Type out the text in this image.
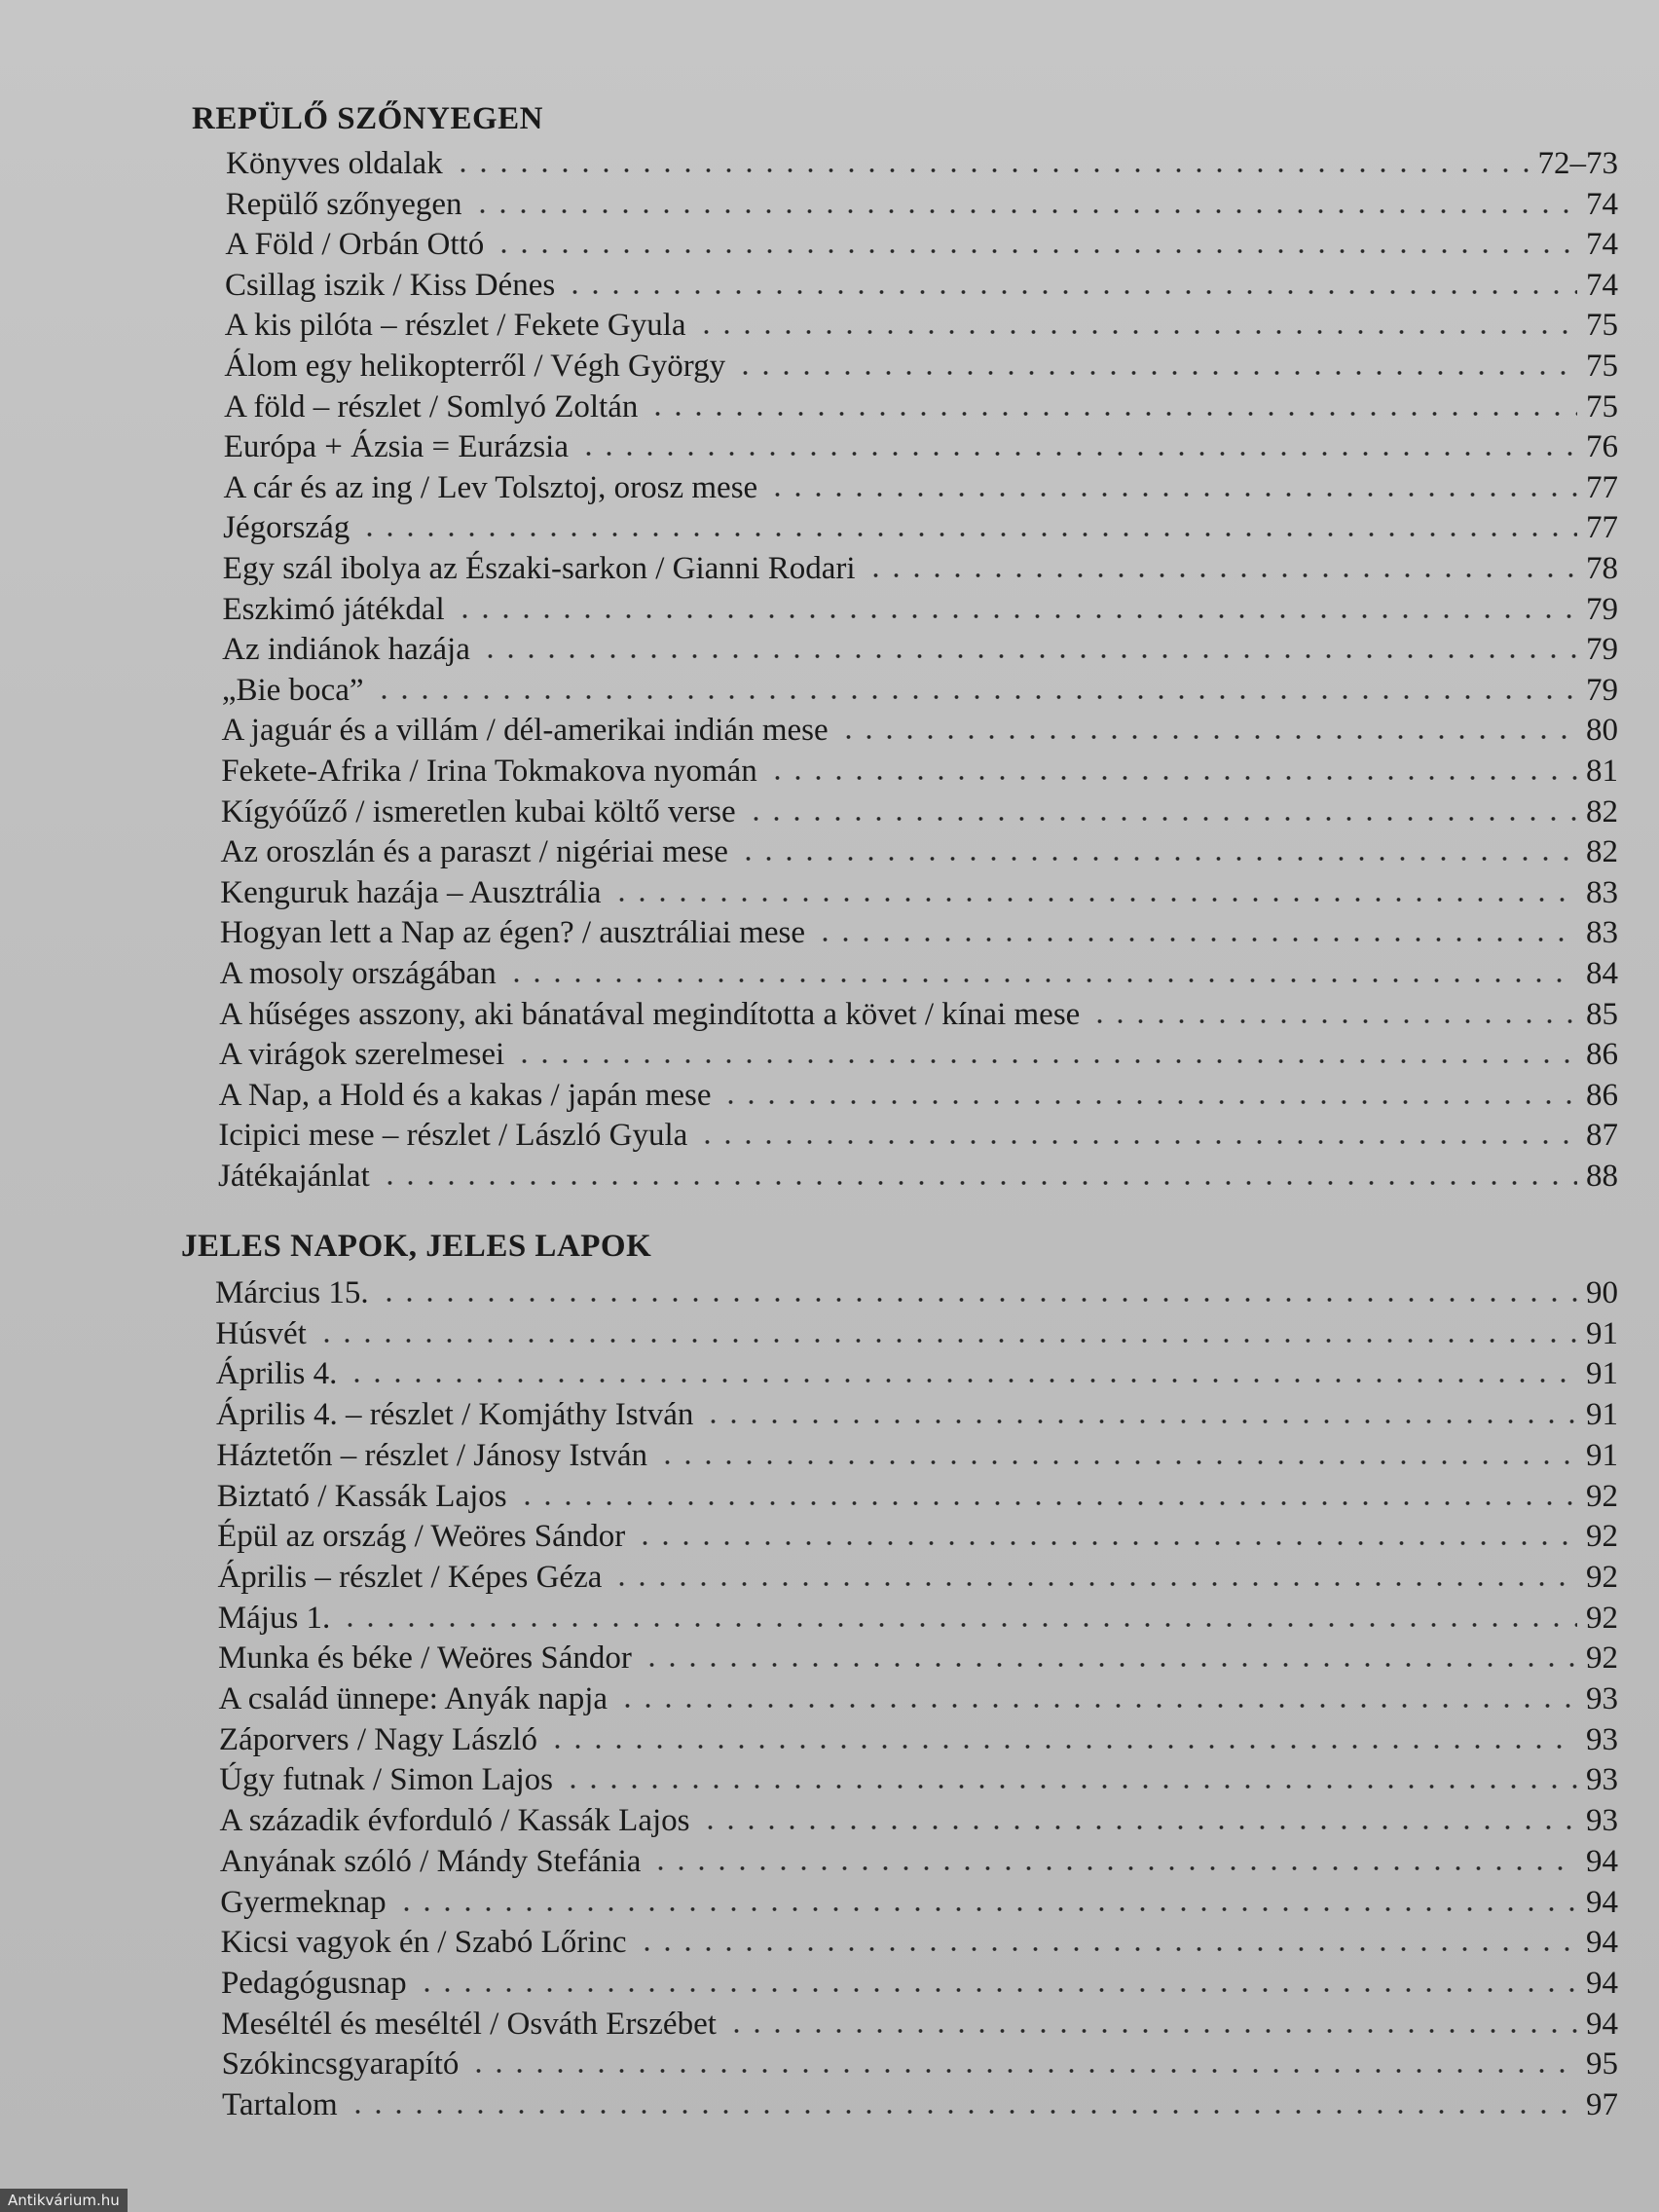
REPÜLŐ SZŐNYEGEN
Könyves oldalak	72–73
Repülő szőnyegen	74
A Föld / Orbán Ottó	74
Csillag iszik / Kiss Dénes	74
A kis pilóta – részlet / Fekete Gyula	75
Álom egy helikopterről / Végh György	75
A föld – részlet / Somlyó Zoltán	75
Európa + Ázsia = Eurázsia	76
A cár és az ing / Lev Tolsztoj, orosz mese	77
Jégország	77
Egy szál ibolya az Északi-sarkon / Gianni Rodari	78
Eszkimó játékdal	79
Az indiánok hazája	79
„Bie boca”	79
A jaguár és a villám / dél-amerikai indián mese	80
Fekete-Afrika / Irina Tokmakova nyomán	81
Kígyóűző / ismeretlen kubai költő verse	82
Az oroszlán és a paraszt / nigériai mese	82
Kenguruk hazája – Ausztrália	83
Hogyan lett a Nap az égen? / ausztráliai mese	83
A mosoly országában	84
A hűséges asszony, aki bánatával megindította a követ / kínai mese	85
A virágok szerelmesei	86
A Nap, a Hold és a kakas / japán mese	86
Icipici mese – részlet / László Gyula	87
Játékajánlat	88
JELES NAPOK, JELES LAPOK
Március 15.	90
Húsvét	91
Április 4.	91
Április 4. – részlet / Komjáthy István	91
Háztetőn – részlet / Jánosy István	91
Biztató / Kassák Lajos	92
Épül az ország / Weöres Sándor	92
Április – részlet / Képes Géza	92
Május 1.	92
Munka és béke / Weöres Sándor	92
A család ünnepe: Anyák napja	93
Záporvers / Nagy László	93
Úgy futnak / Simon Lajos	93
A századik évforduló / Kassák Lajos	93
Anyának szóló / Mándy Stefánia	94
Gyermeknap	94
Kicsi vagyok én / Szabó Lőrinc	94
Pedagógusnap	94
Meséltél és meséltél / Osváth Erszébet	94
Szókincsgyarapító	95
Tartalom	97
Antikvárium.hu
